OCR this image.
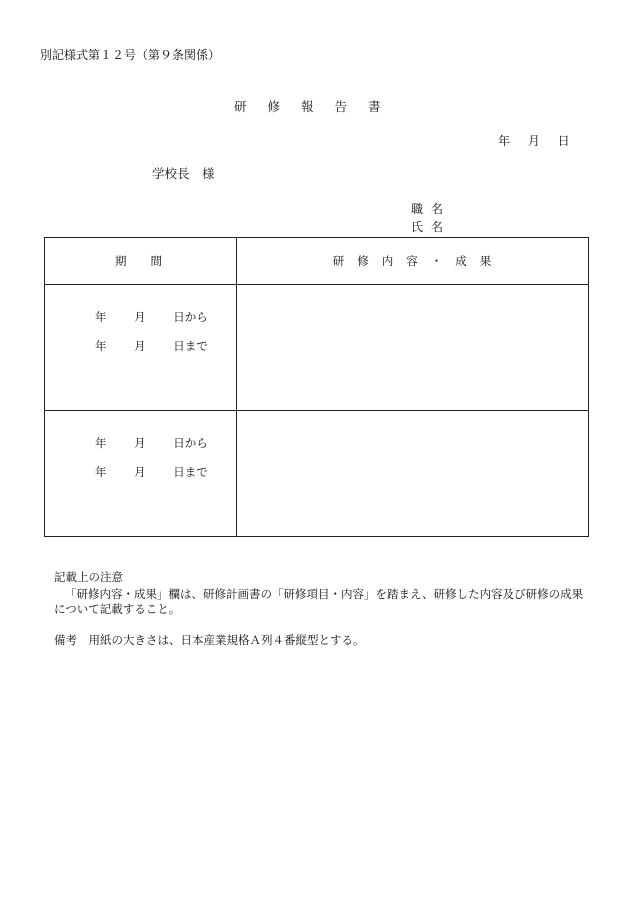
別記様式第１２号（第９条関係）
研修報告書
年 月 日
学校長　様
職名
氏名
期間	研修内容・成果

年 月 日から
年 月 日まで	

年 月 日から
年 月 日まで	

記載上の注意
「研修内容・成果」欄は、研修計画書の「研修項目・内容」を踏まえ、研修した内容及び研修の成果について記載すること。
備考　用紙の大きさは、日本産業規格Ａ列４番縦型とする。
